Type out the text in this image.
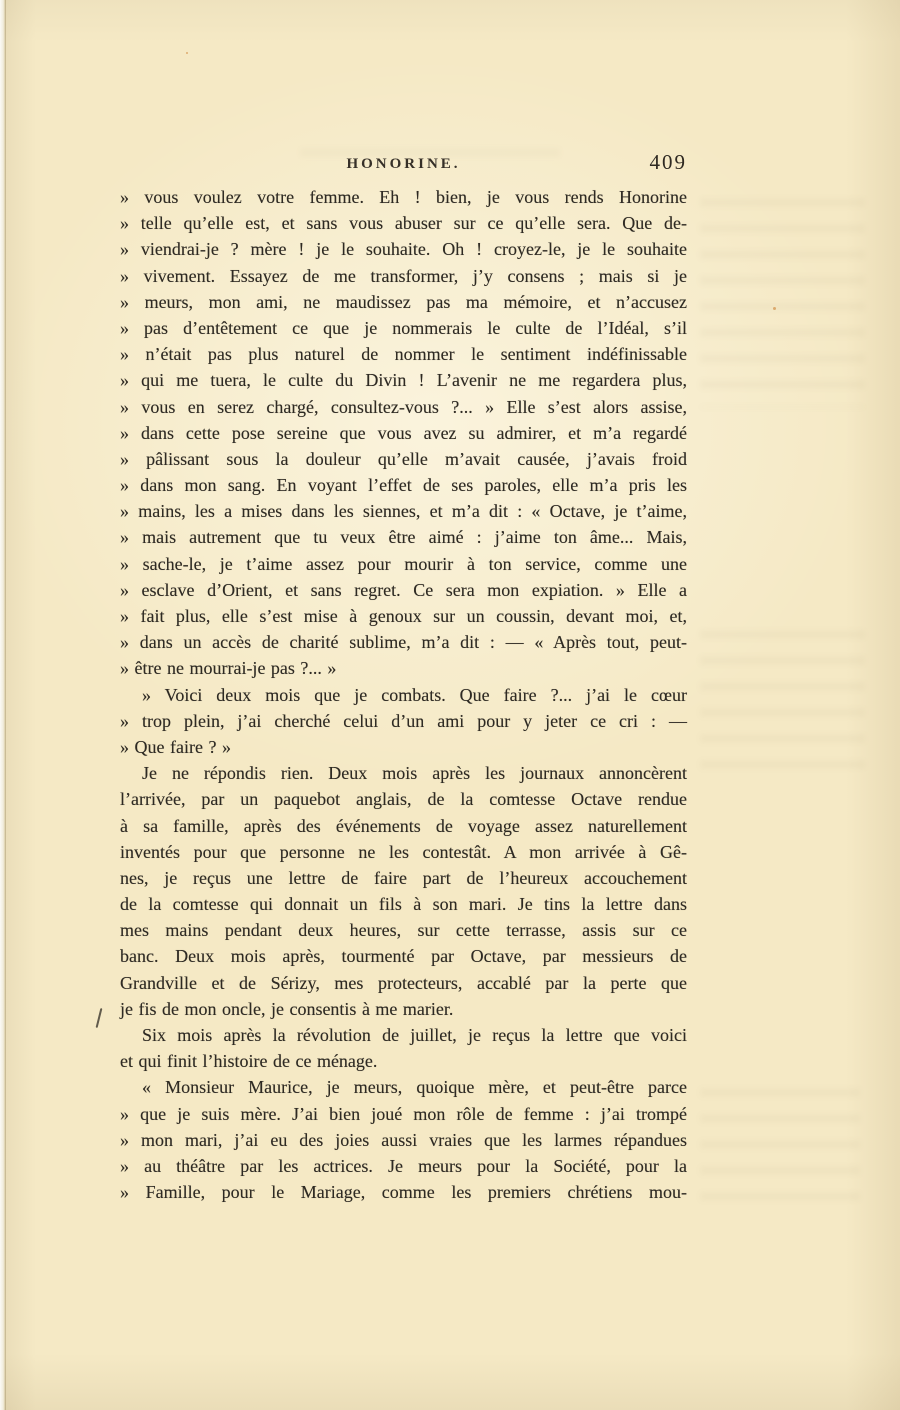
HONORINE.	409
» vous voulez votre femme. Eh ! bien, je vous rends Honorine
» telle qu’elle est, et sans vous abuser sur ce qu’elle sera. Que de-
» viendrai-je ? mère ! je le souhaite. Oh ! croyez-le, je le souhaite
» vivement. Essayez de me transformer, j’y consens ; mais si je
» meurs, mon ami, ne maudissez pas ma mémoire, et n’accusez
» pas d’entêtement ce que je nommerais le culte de l’Idéal, s’il
» n’était pas plus naturel de nommer le sentiment indéfinissable
» qui me tuera, le culte du Divin ! L’avenir ne me regardera plus,
» vous en serez chargé, consultez-vous ?... » Elle s’est alors assise,
» dans cette pose sereine que vous avez su admirer, et m’a regardé
» pâlissant sous la douleur qu’elle m’avait causée, j’avais froid
» dans mon sang. En voyant l’effet de ses paroles, elle m’a pris les
» mains, les a mises dans les siennes, et m’a dit : « Octave, je t’aime,
» mais autrement que tu veux être aimé : j’aime ton âme... Mais,
» sache-le, je t’aime assez pour mourir à ton service, comme une
» esclave d’Orient, et sans regret. Ce sera mon expiation. » Elle a
» fait plus, elle s’est mise à genoux sur un coussin, devant moi, et,
» dans un accès de charité sublime, m’a dit : — « Après tout, peut-
» être ne mourrai-je pas ?... »
» Voici deux mois que je combats. Que faire ?... j’ai le cœur
» trop plein, j’ai cherché celui d’un ami pour y jeter ce cri : —
» Que faire ? »
Je ne répondis rien. Deux mois après les journaux annoncèrent
l’arrivée, par un paquebot anglais, de la comtesse Octave rendue
à sa famille, après des événements de voyage assez naturellement
inventés pour que personne ne les contestât. A mon arrivée à Gê-
nes, je reçus une lettre de faire part de l’heureux accouchement
de la comtesse qui donnait un fils à son mari. Je tins la lettre dans
mes mains pendant deux heures, sur cette terrasse, assis sur ce
banc. Deux mois après, tourmenté par Octave, par messieurs de
Grandville et de Sérizy, mes protecteurs, accablé par la perte que
je fis de mon oncle, je consentis à me marier.
Six mois après la révolution de juillet, je reçus la lettre que voici
et qui finit l’histoire de ce ménage.
« Monsieur Maurice, je meurs, quoique mère, et peut-être parce
» que je suis mère. J’ai bien joué mon rôle de femme : j’ai trompé
» mon mari, j’ai eu des joies aussi vraies que les larmes répandues
» au théâtre par les actrices. Je meurs pour la Société, pour la
» Famille, pour le Mariage, comme les premiers chrétiens mou-
